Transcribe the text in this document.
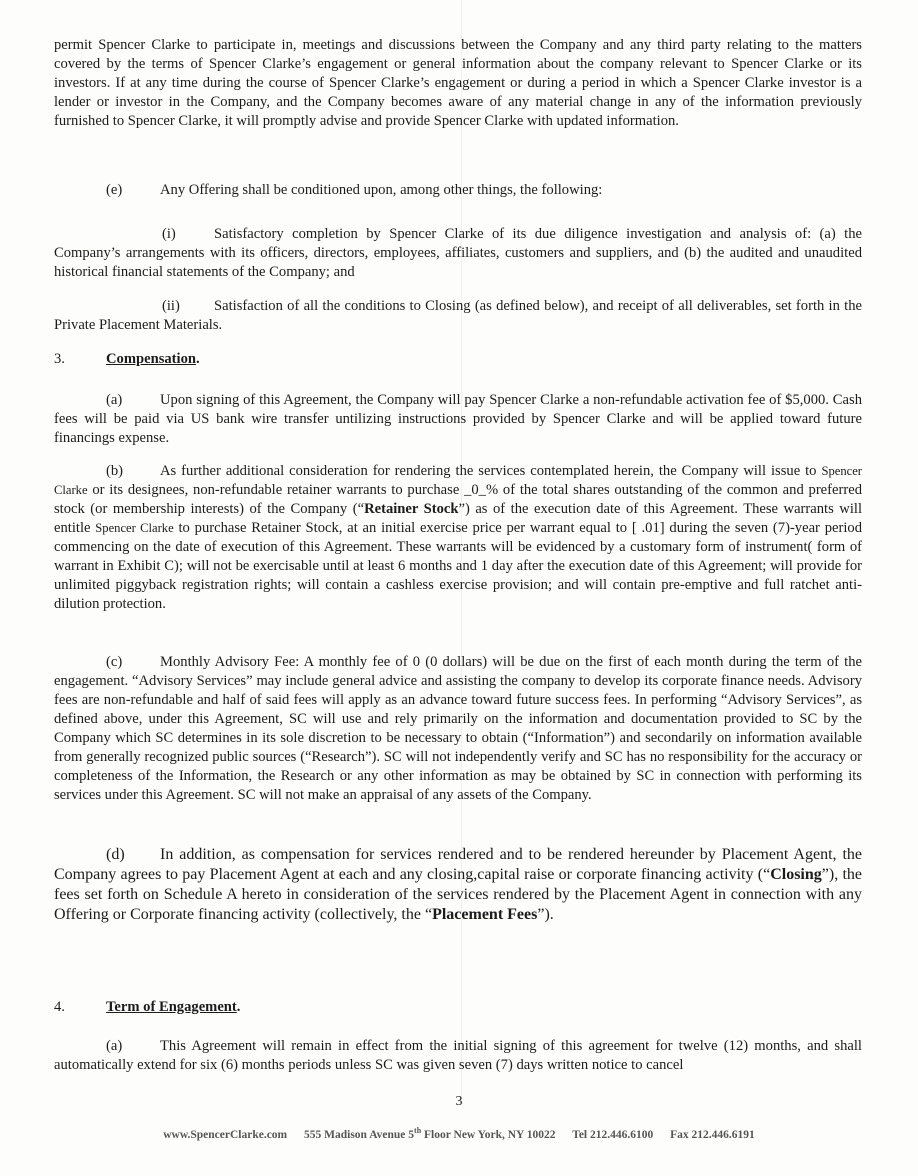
permit Spencer Clarke to participate in, meetings and discussions between the Company and any third party relating to the matters covered by the terms of Spencer Clarke’s engagement or general information about the company relevant to Spencer Clarke or its investors. If at any time during the course of Spencer Clarke’s engagement or during a period in which a Spencer Clarke investor is a lender or investor in the Company, and the Company becomes aware of any material change in any of the information previously furnished to Spencer Clarke, it will promptly advise and provide Spencer Clarke with updated information.

(e)	Any Offering shall be conditioned upon, among other things, the following:

(i)	Satisfactory completion by Spencer Clarke of its due diligence investigation and analysis of: (a) the Company’s arrangements with its officers, directors, employees, affiliates, customers and suppliers, and (b) the audited and unaudited historical financial statements of the Company; and

(ii) Satisfaction of all the conditions to Closing (as defined below), and receipt of all deliverables, set forth in the Private Placement Materials.

3.	Compensation.

(a)	Upon signing of this Agreement, the Company will pay Spencer Clarke a non-refundable activation fee of $5,000. Cash fees will be paid via US bank wire transfer untilizing instructions provided by Spencer Clarke and will be applied toward future financings expense.

(b)	As further additional consideration for rendering the services contemplated herein, the Company will issue to Spencer Clarke or its designees, non-refundable retainer warrants to purchase _0_% of the total shares outstanding of the common and preferred stock (or membership interests) of the Company (“Retainer Stock”) as of the execution date of this Agreement. These warrants will entitle Spencer Clarke to purchase Retainer Stock, at an initial exercise price per warrant equal to [ .01] during the seven (7)-year period commencing on the date of execution of this Agreement. These warrants will be evidenced by a customary form of instrument( form of warrant in Exhibit C); will not be exercisable until at least 6 months and 1 day after the execution date of this Agreement; will provide for unlimited piggyback registration rights; will contain a cashless exercise provision; and will contain pre-emptive and full ratchet anti-dilution protection.

(c)	Monthly Advisory Fee: A monthly fee of 0 (0 dollars) will be due on the first of each month during the term of the engagement. “Advisory Services” may include general advice and assisting the company to develop its corporate finance needs. Advisory fees are non-refundable and half of said fees will apply as an advance toward future success fees. In performing “Advisory Services”, as defined above, under this Agreement, SC will use and rely primarily on the information and documentation provided to SC by the Company which SC determines in its sole discretion to be necessary to obtain (“Information”) and secondarily on information available from generally recognized public sources (“Research”). SC will not independently verify and SC has no responsibility for the accuracy or completeness of the Information, the Research or any other information as may be obtained by SC in connection with performing its services under this Agreement. SC will not make an appraisal of any assets of the Company.

(d) In addition, as compensation for services rendered and to be rendered hereunder by Placement Agent, the Company agrees to pay Placement Agent at each and any closing,capital raise or corporate financing activity (“Closing”), the fees set forth on Schedule A hereto in consideration of the services rendered by the Placement Agent in connection with any Offering or Corporate financing activity (collectively, the “Placement Fees”).

4.	Term of Engagement.

(a)	This Agreement will remain in effect from the initial signing of this agreement for twelve (12) months, and shall automatically extend for six (6) months periods unless SC was given seven (7) days written notice to cancel

3
www.SpencerClarke.com 555 Madison Avenue 5th Floor New York, NY 10022 Tel 212.446.6100 Fax 212.446.6191
